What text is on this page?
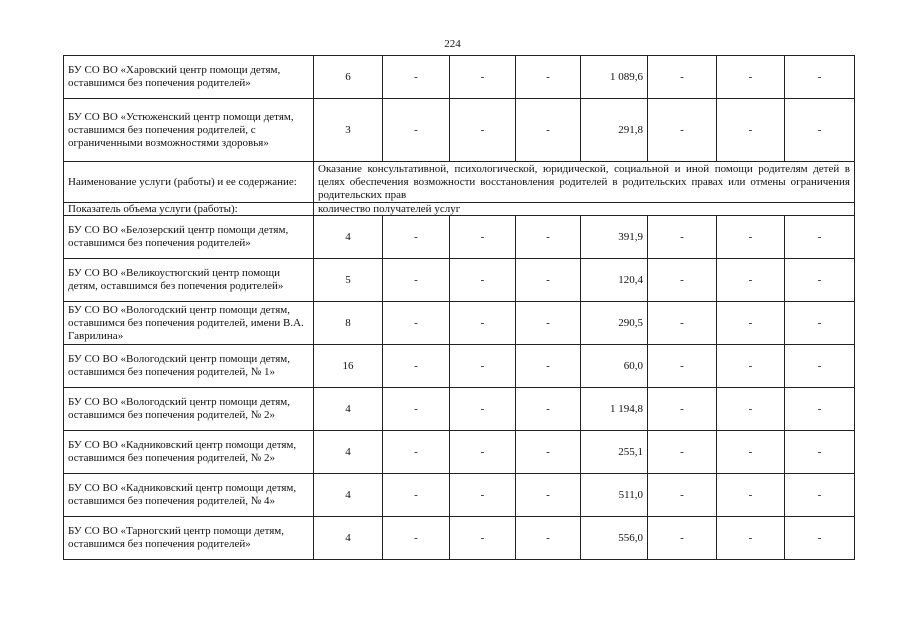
224
БУ СО ВО «Харовский центр помощи детям, оставшимся без попечения родителей»	6	-	-	-	1 089,6	-	-	-
БУ СО ВО «Устюженский центр помощи детям, оставшимся без попечения родителей, с ограниченными возможностями здоровья»	3	-	-	-	291,8	-	-	-
Наименование услуги (работы) и ее содержание:	Оказание консультативной, психологической, юридической, социальной и иной помощи родителям детей в целях обеспечения возможности восстановления родителей в родительских правах или отмены ограничения родительских прав							
Показатель объема услуги (работы):	количество получателей услуг							
БУ СО ВО «Белозерский центр помощи детям, оставшимся без попечения родителей»	4	-	-	-	391,9	-	-	-
БУ СО ВО «Великоустюгский центр помощи детям, оставшимся без попечения родителей»	5	-	-	-	120,4	-	-	-
БУ СО ВО «Вологодский центр помощи детям, оставшимся без попечения родителей, имени В.А. Гаврилина»	8	-	-	-	290,5	-	-	-
БУ СО ВО «Вологодский центр помощи детям, оставшимся без попечения родителей, № 1»	16	-	-	-	60,0	-	-	-
БУ СО ВО «Вологодский центр помощи детям, оставшимся без попечения родителей, № 2»	4	-	-	-	1 194,8	-	-	-
БУ СО ВО «Кадниковский центр помощи детям, оставшимся без попечения родителей, № 2»	4	-	-	-	255,1	-	-	-
БУ СО ВО «Кадниковский центр помощи детям, оставшимся без попечения родителей, № 4»	4	-	-	-	511,0	-	-	-
БУ СО ВО «Тарногский центр помощи детям, оставшимся без попечения родителей»	4	-	-	-	556,0	-	-	-
